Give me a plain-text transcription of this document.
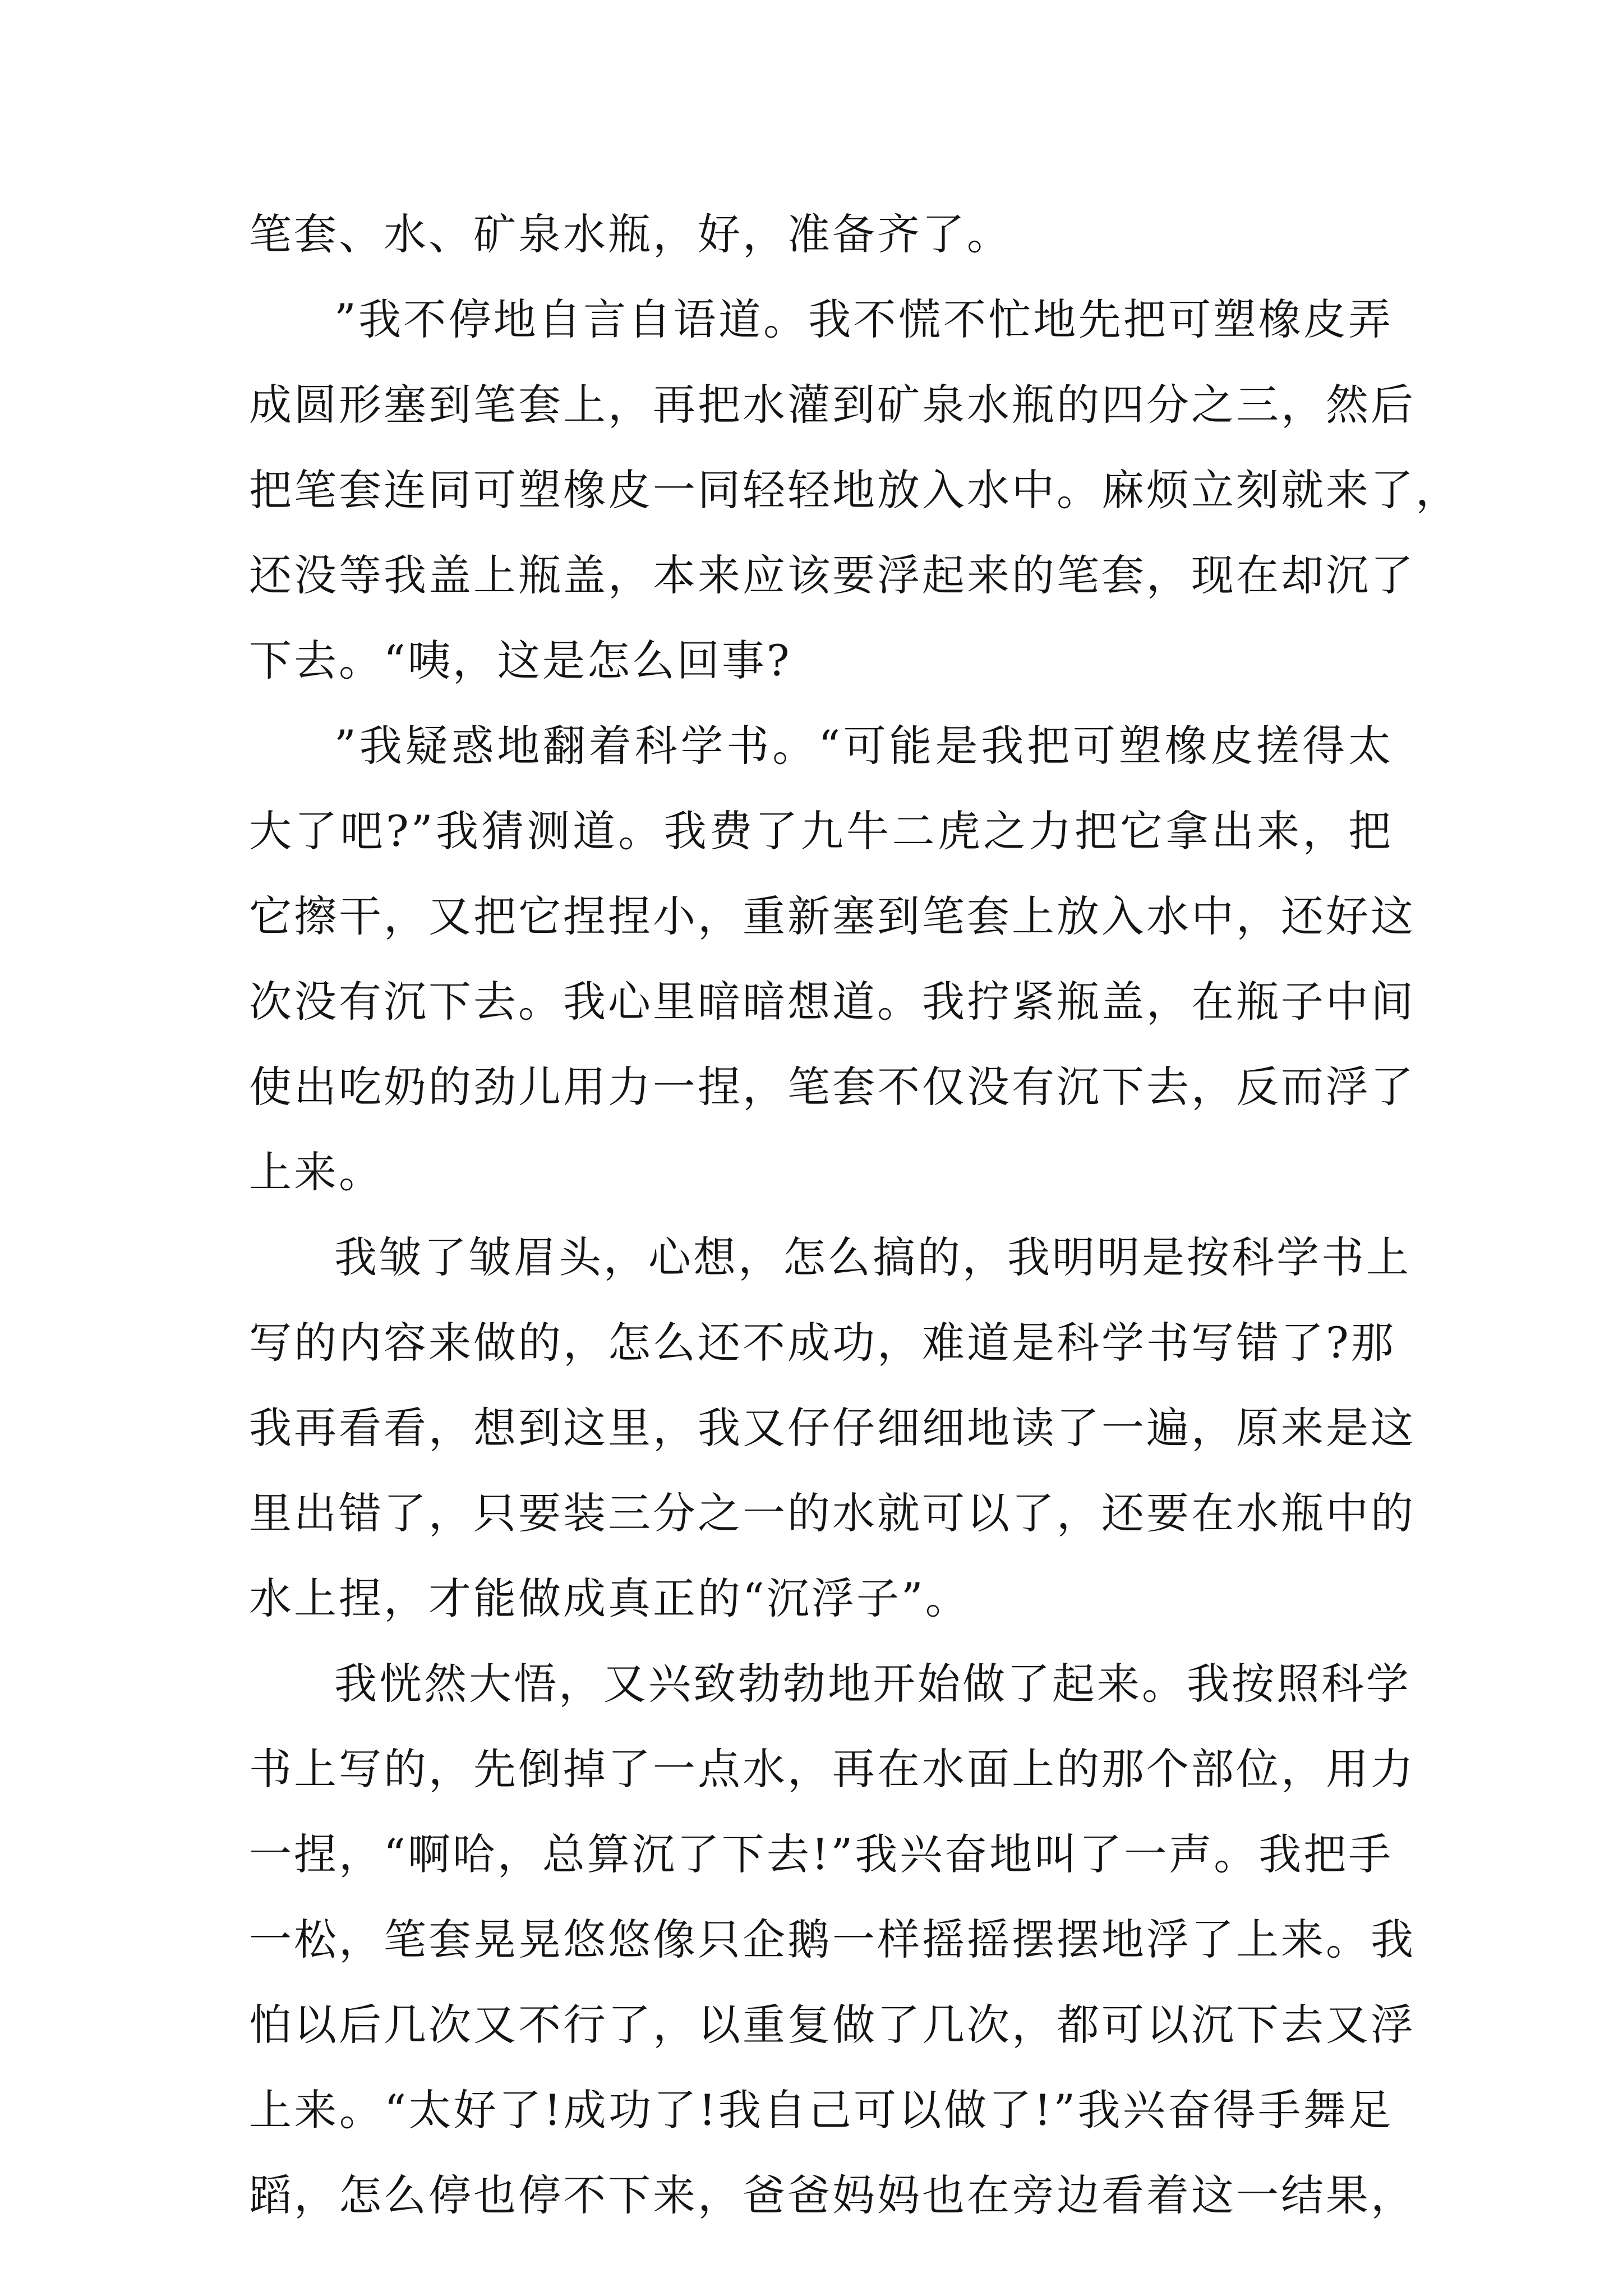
笔套、水、矿泉水瓶，好，准备齐了。
”我不停地自言自语道。我不慌不忙地先把可塑橡皮弄
成圆形塞到笔套上，再把水灌到矿泉水瓶的四分之三，然后
把笔套连同可塑橡皮一同轻轻地放入水中。麻烦立刻就来了，
还没等我盖上瓶盖，本来应该要浮起来的笔套，现在却沉了
下去。“咦，这是怎么回事?
”我疑惑地翻着科学书。“可能是我把可塑橡皮搓得太
大了吧?”我猜测道。我费了九牛二虎之力把它拿出来，把
它擦干，又把它捏捏小，重新塞到笔套上放入水中，还好这
次没有沉下去。我心里暗暗想道。我拧紧瓶盖，在瓶子中间
使出吃奶的劲儿用力一捏，笔套不仅没有沉下去，反而浮了
上来。
我皱了皱眉头，心想，怎么搞的，我明明是按科学书上
写的内容来做的，怎么还不成功，难道是科学书写错了?那
我再看看，想到这里，我又仔仔细细地读了一遍，原来是这
里出错了，只要装三分之一的水就可以了，还要在水瓶中的
水上捏，才能做成真正的“沉浮子”。
我恍然大悟，又兴致勃勃地开始做了起来。我按照科学
书上写的，先倒掉了一点水，再在水面上的那个部位，用力
一捏，“啊哈，总算沉了下去!”我兴奋地叫了一声。我把手
一松，笔套晃晃悠悠像只企鹅一样摇摇摆摆地浮了上来。我
怕以后几次又不行了，以重复做了几次，都可以沉下去又浮
上来。“太好了!成功了!我自己可以做了!”我兴奋得手舞足
蹈，怎么停也停不下来，爸爸妈妈也在旁边看着这一结果，
